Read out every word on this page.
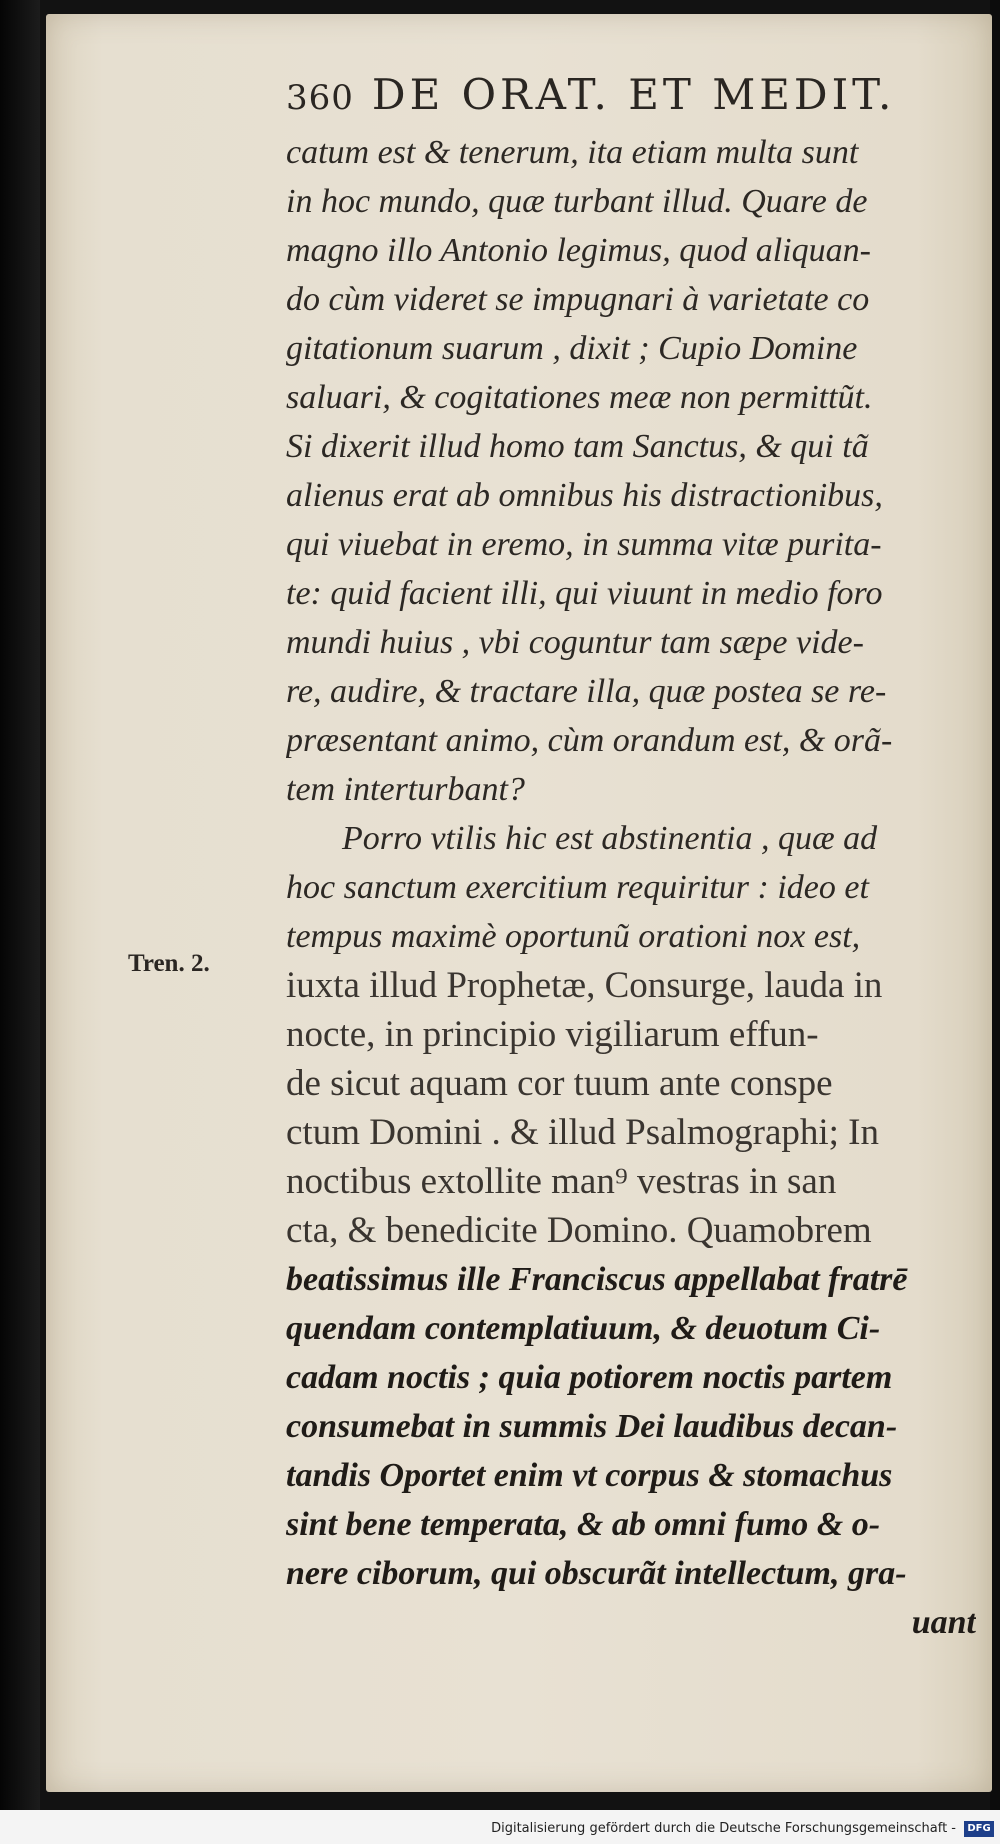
360 DE ORAT. ET MEDIT.
Tren. 2.
catum est & tenerum, ita etiam multa sunt
in hoc mundo, quæ turbant illud. Quare de
magno illo Antonio legimus, quod aliquan-
do cùm videret se impugnari à varietate co
gitationum suarum , dixit ; Cupio Domine
saluari, & cogitationes meæ non permittũt.
Si dixerit illud homo tam Sanctus, & qui tã
alienus erat ab omnibus his distractionibus,
qui viuebat in eremo, in summa vitæ purita-
te: quid facient illi, qui viuunt in medio foro
mundi huius , vbi coguntur tam sæpe vide-
re, audire, & tractare illa, quæ postea se re-
præsentant animo, cùm orandum est, & orã-
tem interturbant?
Porro vtilis hic est abstinentia , quæ ad
hoc sanctum exercitium requiritur : ideo et
tempus maximè oportunũ orationi nox est,
iuxta illud Prophetæ, Consurge, lauda in
nocte, in principio vigiliarum effun-
de sicut aquam cor tuum ante conspe
ctum Domini . & illud Psalmographi; In
noctibus extollite man⁹ vestras in san
cta, & benedicite Domino. Quamobrem
beatissimus ille Franciscus appellabat fratrē
quendam contemplatiuum, & deuotum Ci-
cadam noctis ; quia potiorem noctis partem
consumebat in summis Dei laudibus decan-
tandis Oportet enim vt corpus & stomachus
sint bene temperata, & ab omni fumo & o-
nere ciborum, qui obscurãt intellectum, gra-
uant
Digitalisierung gefördert durch die Deutsche Forschungsgemeinschaft -	DFG
